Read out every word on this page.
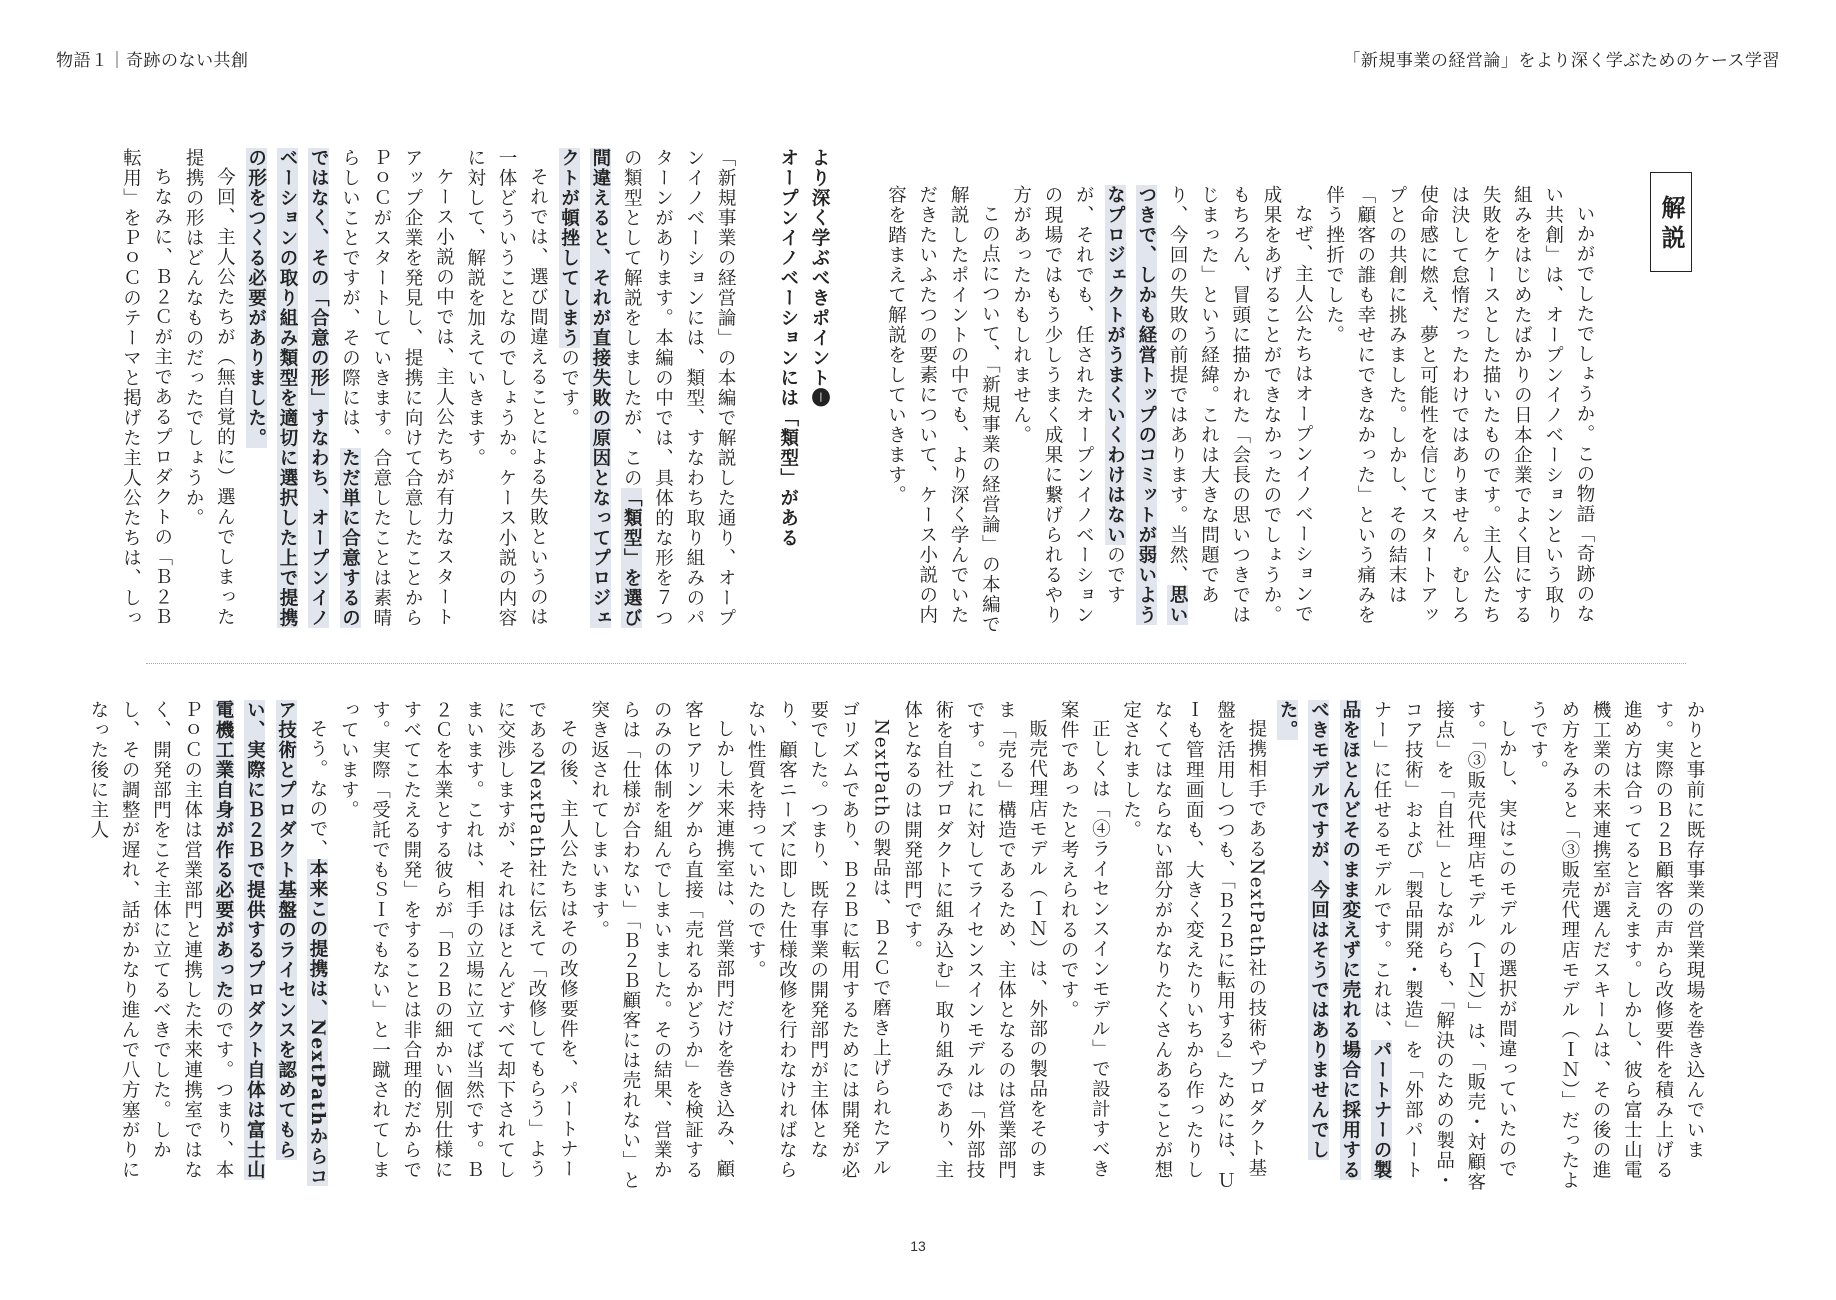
物語１｜奇跡のない共創	「新規事業の経営論」をより深く学ぶためのケース学習
解説

いかがでしたでしょうか。この物語「奇跡のない共創」は、オープンイノベーションという取り組みをはじめたばかりの日本企業でよく目にする失敗をケースとした描いたものです。主人公たちは決して怠惰だったわけではありません。むしろ使命感に燃え、夢と可能性を信じてスタートアップとの共創に挑みました。しかし、その結末は「顧客の誰も幸せにできなかった」という痛みを伴う挫折でした。

なぜ、主人公たちはオープンイノベーションで成果をあげることができなかったのでしょうか。もちろん、冒頭に描かれた「会長の思いつきではじまった」という経緯。これは大きな問題であり、今回の失敗の前提ではあります。当然、思いつきで、しかも経営トップのコミットが弱いようなプロジェクトがうまくいくわけはないのですが、それでも、任されたオープンイノベーションの現場ではもう少しうまく成果に繋げられるやり方があったかもしれません。

この点について、「新規事業の経営論」の本編で解説したポイントの中でも、より深く学んでいただきたいふたつの要素について、ケース小説の内容を踏まえて解説をしていきます。

より深く学ぶべきポイント❶

オープンイノベーションには「類型」がある

「新規事業の経営論」の本編で解説した通り、オープンイノベーションには、類型、すなわち取り組みのパターンがあります。本編の中では、具体的な形を７つの類型として解説をしましたが、この「類型」を選び間違えると、それが直接失敗の原因となってプロジェクトが頓挫してしまうのです。

それでは、選び間違えることによる失敗というのは一体どういうことなのでしょうか。ケース小説の内容に対して、解説を加えていきます。

ケース小説の中では、主人公たちが有力なスタートアップ企業を発見し、提携に向けて合意したことからＰｏＣがスタートしていきます。合意したことは素晴らしいことですが、その際には、ただ単に合意するのではなく、その「合意の形」すなわち、オープンイノベーションの取り組み類型を適切に選択した上で提携の形をつくる必要がありました。

今回、主人公たちが（無自覚的に）選んでしまった提携の形はどんなものだったでしょうか。

ちなみに、Ｂ２Ｃが主であるプロダクトの「Ｂ２Ｂ転用」をＰｏＣのテーマと掲げた主人公たちは、しっ

かりと事前に既存事業の営業現場を巻き込んでいます。実際のＢ２Ｂ顧客の声から改修要件を積み上げる進め方は合ってると言えます。しかし、彼ら富士山電機工業の未来連携室が選んだスキームは、その後の進め方をみると「③販売代理店モデル（ＩＮ）」だったようです。

しかし、実はこのモデルの選択が間違っていたのです。「③販売代理店モデル（ＩＮ）」は、「販売・対顧客接点」を「自社」としながらも、「解決のための製品・コア技術」および「製品開発・製造」を「外部パートナー」に任せるモデルです。これは、パートナーの製品をほとんどそのまま変えずに売れる場合に採用するべきモデルですが、今回はそうではありませんでした。

提携相手であるNextPath社の技術やプロダクト基盤を活用しつつも、「Ｂ２Ｂに転用する」ためには、ＵＩも管理画面も、大きく変えたりいちから作ったりしなくてはならない部分がかなりたくさんあることが想定されました。

正しくは「④ライセンスインモデル」で設計すべき案件であったと考えられるのです。

販売代理店モデル（ＩＮ）は、外部の製品をそのまま「売る」構造であるため、主体となるのは営業部門です。これに対してライセンスインモデルは「外部技術を自社プロダクトに組み込む」取り組みであり、主体となるのは開発部門です。

NextPathの製品は、Ｂ２Ｃで磨き上げられたアルゴリズムであり、Ｂ２Ｂに転用するためには開発が必要でした。つまり、既存事業の開発部門が主体となり、顧客ニーズに即した仕様改修を行わなければならない性質を持っていたのです。

しかし未来連携室は、営業部門だけを巻き込み、顧客ヒアリングから直接「売れるかどうか」を検証するのみの体制を組んでしまいました。その結果、営業からは「仕様が合わない」「Ｂ２Ｂ顧客には売れない」と突き返されてしまいます。

その後、主人公たちはその改修要件を、パートナーであるNextPath社に伝えて「改修してもらう」ように交渉しますが、それはほとんどすべて却下されてしまいます。これは、相手の立場に立てば当然です。Ｂ２Ｃを本業とする彼らが「Ｂ２Ｂの細かい個別仕様にすべてこたえる開発」をすることは非合理的だからです。実際「受託でもＳＩでもない」と一蹴されてしまっています。

そう。なので、本来この提携は、NextPathからコア技術とプロダクト基盤のライセンスを認めてもらい、実際にＢ２Ｂで提供するプロダクト自体は富士山電機工業自身が作る必要があったのです。つまり、本ＰｏＣの主体は営業部門と連携した未来連携室ではなく、開発部門をこそ主体に立てるべきでした。しかし、その調整が遅れ、話がかなり進んで八方塞がりになった後に主人

13
